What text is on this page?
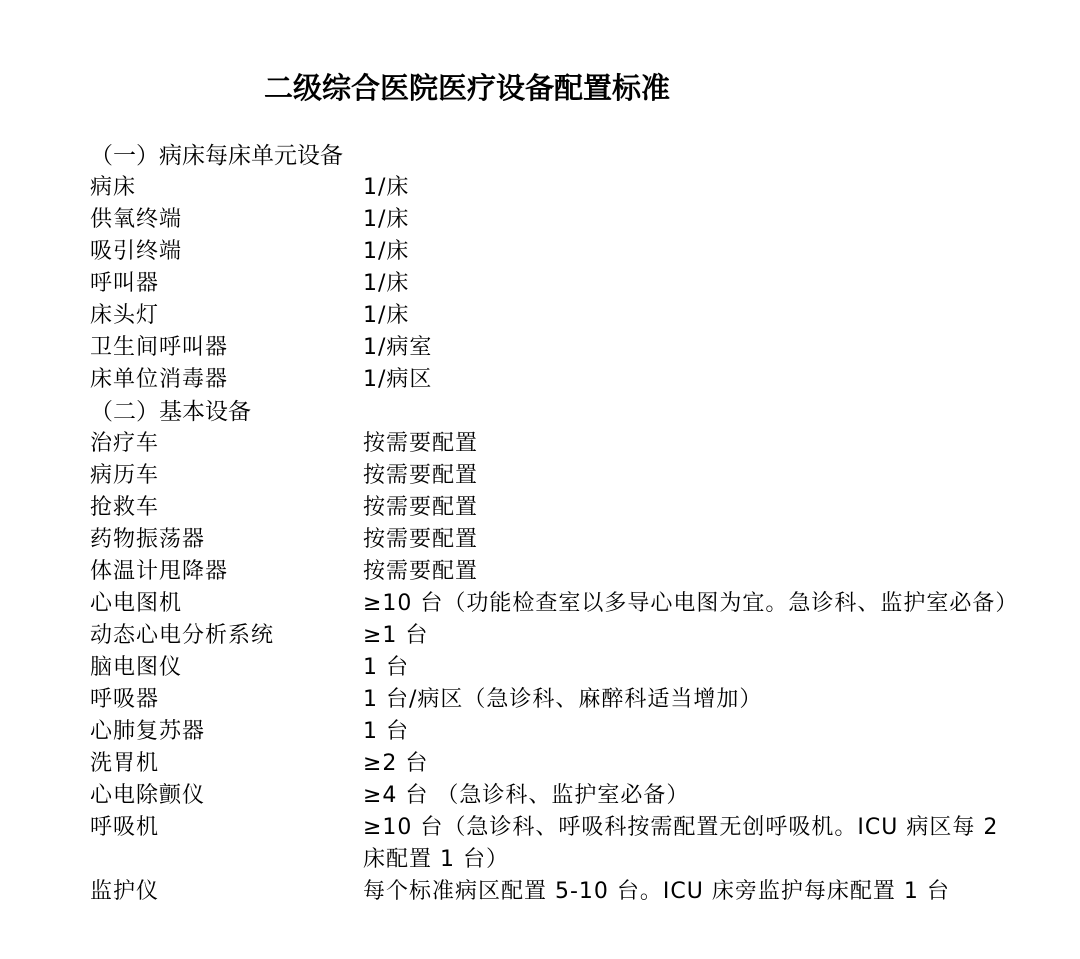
二级综合医院医疗设备配置标准
（一）病床每床单元设备
病床	1/床
供氧终端	1/床
吸引终端	1/床
呼叫器	1/床
床头灯	1/床
卫生间呼叫器	1/病室
床单位消毒器	1/病区
（二）基本设备
治疗车	按需要配置
病历车	按需要配置
抢救车	按需要配置
药物振荡器	按需要配置
体温计甩降器	按需要配置
心电图机	≥10 台（功能检查室以多导心电图为宜。急诊科、监护室必备）
动态心电分析系统	≥1 台
脑电图仪	1 台
呼吸器	1 台/病区（急诊科、麻醉科适当增加）
心肺复苏器	1 台
洗胃机	≥2 台
心电除颤仪	≥4 台 （急诊科、监护室必备）
呼吸机	≥10 台（急诊科、呼吸科按需配置无创呼吸机。ICU 病区每 2 床配置 1 台）
监护仪	每个标准病区配置 5-10 台。ICU 床旁监护每床配置 1 台
